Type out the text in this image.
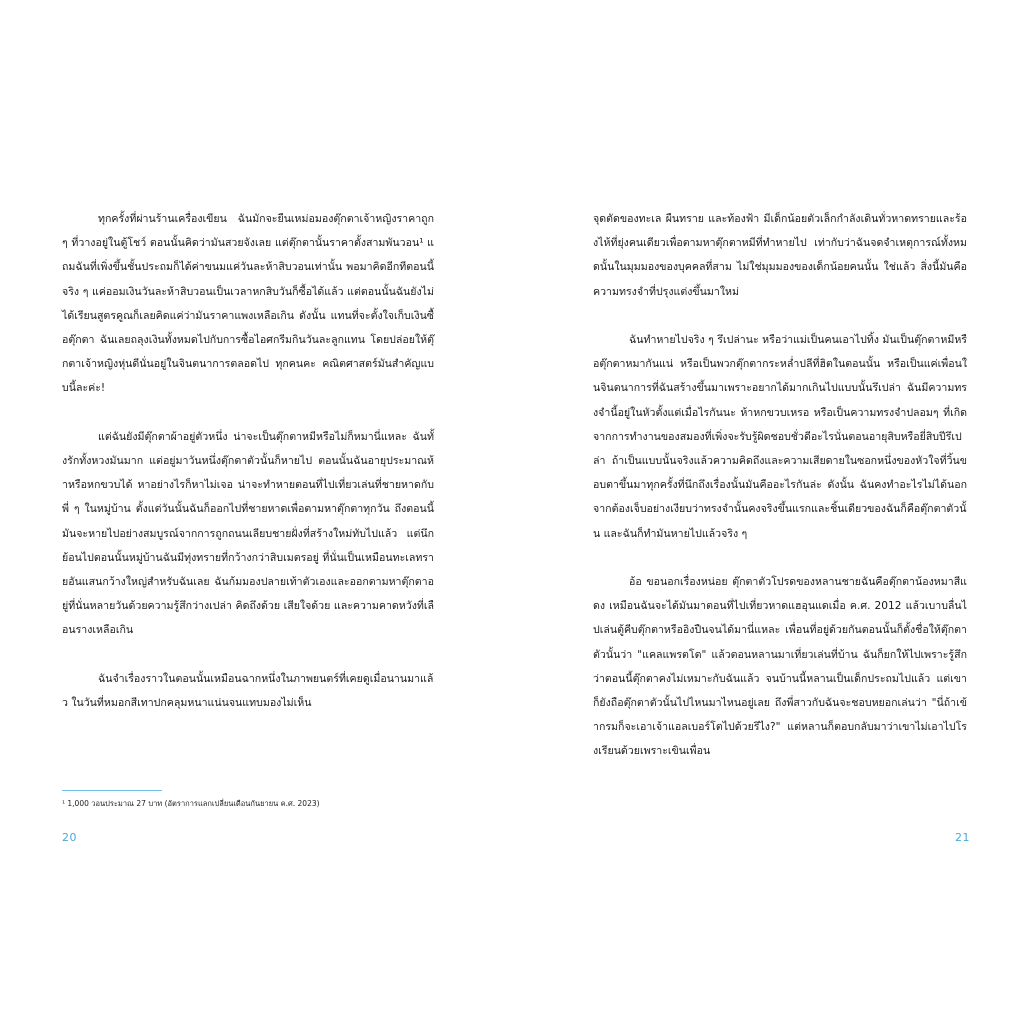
ทุกครั้งที่ผ่านร้านเครื่องเขียน ฉันมักจะยืนเหม่อมองตุ๊กตาเจ้าหญิงราคาถูก ๆ ที่วางอยู่ในตู้โชว์ ตอนนั้นคิดว่ามันสวยจังเลย แต่ตุ๊กตานั้นราคาตั้งสามพันวอน¹ แถมฉันที่เพิ่งขึ้นชั้นประถมก็ได้ค่าขนมแค่วันละห้าสิบวอนเท่านั้น พอมาคิดอีกทีตอนนี้จริง ๆ แค่ออมเงินวันละห้าสิบวอนเป็นเวลาหกสิบวันก็ซื้อได้แล้ว แต่ตอนนั้นฉันยังไม่ได้เรียนสูตรคูณก็เลยคิดแค่ว่ามันราคาแพงเหลือเกิน ดังนั้น แทนที่จะตั้งใจเก็บเงินซื้อตุ๊กตา ฉันเลยถลุงเงินทั้งหมดไปกับการซื้อไอศกรีมกินวันละลูกแทน โดยปล่อยให้ตุ๊กตาเจ้าหญิงหุ่นดีนั่นอยู่ในจินตนาการตลอดไป ทุกคนคะ คณิตศาสตร์มันสำคัญแบบนี้ละค่ะ!

แต่ฉันยังมีตุ๊กตาผ้าอยู่ตัวหนึ่ง น่าจะเป็นตุ๊กตาหมีหรือไม่ก็หมานี่แหละ ฉันทั้งรักทั้งหวงมันมาก แต่อยู่มาวันหนึ่งตุ๊กตาตัวนั้นก็หายไป ตอนนั้นฉันอายุประมาณห้าหรือหกขวบได้ หาอย่างไรก็หาไม่เจอ น่าจะทำหายตอนที่ไปเที่ยวเล่นที่ชายหาดกับพี่ ๆ ในหมู่บ้าน ตั้งแต่วันนั้นฉันก็ออกไปที่ชายหาดเพื่อตามหาตุ๊กตาทุกวัน ถึงตอนนี้มันจะหายไปอย่างสมบูรณ์จากการถูกถนนเลียบชายฝั่งที่สร้างใหม่ทับไปแล้ว แต่นึกย้อนไปตอนนั้นหมู่บ้านฉันมีทุ่งทรายที่กว้างกว่าสิบเมตรอยู่ ที่นั่นเป็นเหมือนทะเลทรายอันแสนกว้างใหญ่สำหรับฉันเลย ฉันก้มมองปลายเท้าตัวเองและออกตามหาตุ๊กตาอยู่ที่นั่นหลายวันด้วยความรู้สึกว่างเปล่า คิดถึงด้วย เสียใจด้วย และความคาดหวังที่เลือนรางเหลือเกิน

ฉันจำเรื่องราวในตอนนั้นเหมือนฉากหนึ่งในภาพยนตร์ที่เคยดูเมื่อนานมาแล้ว ในวันที่หมอกสีเทาปกคลุมหนาแน่นจนแทบมองไม่เห็น

¹ 1,000 วอนประมาณ 27 บาท (อัตราการแลกเปลี่ยนเดือนกันยายน ค.ศ. 2023)
20

จุดตัดของทะเล ผืนทราย และท้องฟ้า มีเด็กน้อยตัวเล็กกำลังเดินทั่วหาดทรายและร้องไห้ที่ยุ่งคนเดียวเพื่อตามหาตุ๊กตาหมีที่ทำหายไป เท่ากับว่าฉันจดจำเหตุการณ์ทั้งหมดนั้นในมุมมองของบุคคลที่สาม ไม่ใช่มุมมองของเด็กน้อยคนนั้น ใช่แล้ว สิ่งนี้มันคือความทรงจำที่ปรุงแต่งขึ้นมาใหม่

ฉันทำหายไปจริง ๆ รึเปล่านะ หรือว่าแม่เป็นคนเอาไปทิ้ง มันเป็นตุ๊กตาหมีหรือตุ๊กตาหมากันแน่ หรือเป็นพวกตุ๊กตากระหล่ำปลีที่ฮิตในตอนนั้น หรือเป็นแค่เพื่อนในจินตนาการที่ฉันสร้างขึ้นมาเพราะอยากได้มากเกินไปแบบนั้นรึเปล่า ฉันมีความทรงจำนี้อยู่ในหัวตั้งแต่เมื่อไรกันนะ ห้าหกขวบเหรอ หรือเป็นความทรงจำปลอมๆ ที่เกิดจากการทำงานของสมองที่เพิ่งจะรับรู้ผิดชอบชั่วดีอะไรนั่นตอนอายุสิบหรือยี่สิบปีรึเปล่า ถ้าเป็นแบบนั้นจริงแล้วความคิดถึงและความเสียดายในซอกหนึ่งของหัวใจที่วิ้นขอบตาขึ้นมาทุกครั้งที่นึกถึงเรื่องนั้นมันคืออะไรกันล่ะ ดังนั้น ฉันคงทำอะไรไม่ได้นอกจากต้องเจ็บอย่างเงียบว่าทรงจำนั้นคงจริงขึ้นแรกและชิ้นเดียวของฉันก็คือตุ๊กตาตัวนั้น และฉันก็ทำมันหายไปแล้วจริง ๆ

อ้อ ขอนอกเรื่องหน่อย ตุ๊กตาตัวโปรดของหลานชายฉันคือตุ๊กตาน้องหมาสีแดง เหมือนฉันจะได้มันมาตอนที่ไปเที่ยวหาดแฮอุนแดเมื่อ ค.ศ. 2012 แล้วเบาบลื่นไปเล่นตู้คีบตุ๊กตาหรืออิงปืนจนได้มานี่แหละ เพื่อนที่อยู่ด้วยกันตอนนั้นก็ตั้งชื่อให้ตุ๊กตาตัวนั้นว่า "แคลแพรตโต" แล้วตอนหลานมาเที่ยวเล่นที่บ้าน ฉันก็ยกให้ไปเพราะรู้สึกว่าตอนนี้ตุ๊กตาคงไม่เหมาะกับฉันแล้ว จนบ้านนี้หลานเป็นเด็กประถมไปแล้ว แต่เขาก็ยังถือตุ๊กตาตัวนั้นไปไหนมาไหนอยู่เลย ถึงพี่สาวกับฉันจะชอบหยอกเล่นว่า "นี่ถ้าเข้ากรมก็จะเอาเจ้าแอลเบอร์โตไปด้วยรึไง?" แต่หลานก็ตอบกลับมาว่าเขาไม่เอาไปโรงเรียนด้วยเพราะเขินเพื่อน

21
